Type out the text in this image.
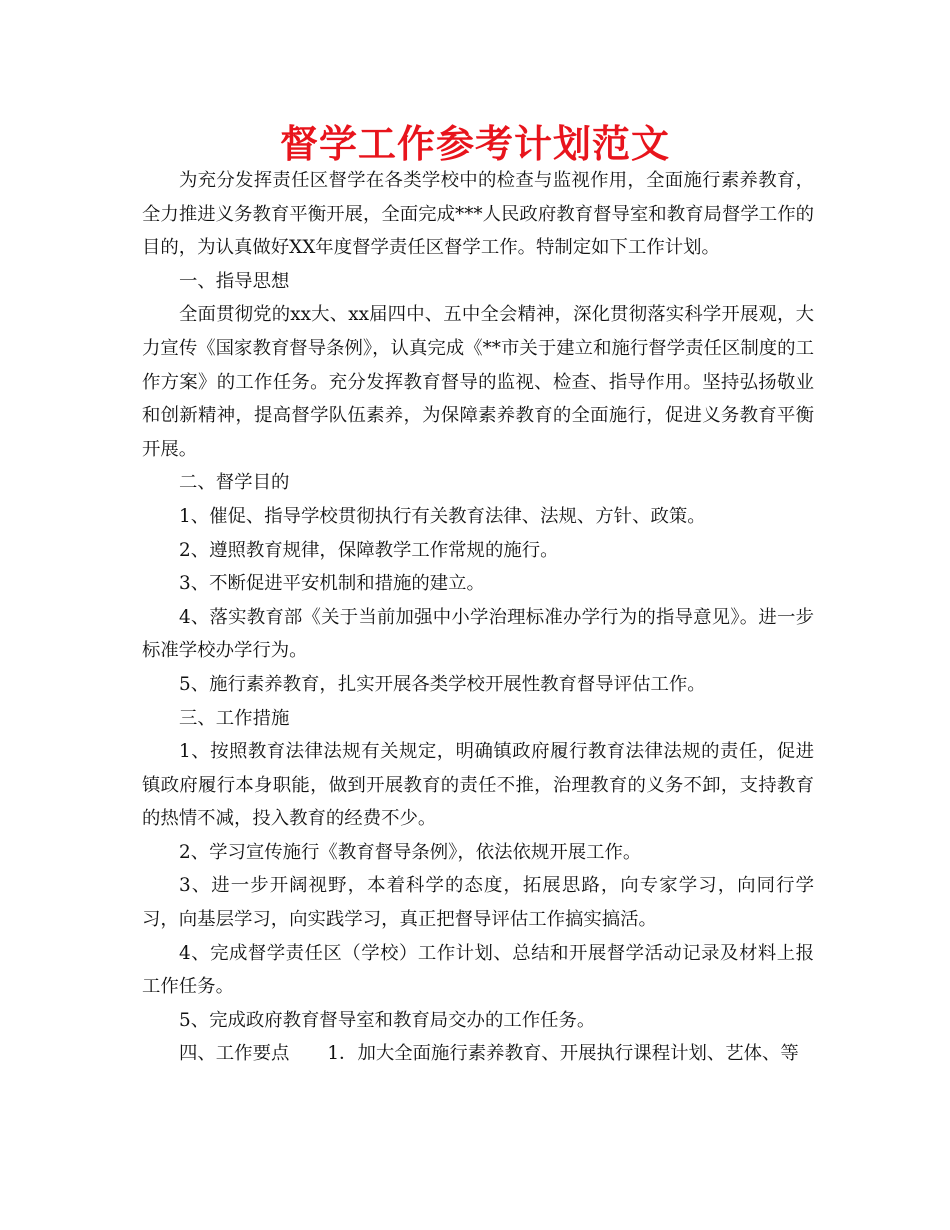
督学工作参考计划范文

为充分发挥责任区督学在各类学校中的检查与监视作用，全面施行素养教育，全力推进义务教育平衡开展，全面完成***人民政府教育督导室和教育局督学工作的目的，为认真做好XX年度督学责任区督学工作。特制定如下工作计划。

一、指导思想

全面贯彻党的xx大、xx届四中、五中全会精神，深化贯彻落实科学开展观，大力宣传《国家教育督导条例》，认真完成《**市关于建立和施行督学责任区制度的工作方案》的工作任务。充分发挥教育督导的监视、检查、指导作用。坚持弘扬敬业和创新精神，提高督学队伍素养，为保障素养教育的全面施行，促进义务教育平衡开展。

二、督学目的

1、催促、指导学校贯彻执行有关教育法律、法规、方针、政策。

2、遵照教育规律，保障教学工作常规的施行。

3、不断促进平安机制和措施的建立。

4、落实教育部《关于当前加强中小学治理标准办学行为的指导意见》。进一步标准学校办学行为。

5、施行素养教育，扎实开展各类学校开展性教育督导评估工作。

三、工作措施

1、按照教育法律法规有关规定，明确镇政府履行教育法律法规的责任，促进镇政府履行本身职能，做到开展教育的责任不推，治理教育的义务不卸，支持教育的热情不减，投入教育的经费不少。

2、学习宣传施行《教育督导条例》，依法依规开展工作。

3、进一步开阔视野，本着科学的态度，拓展思路，向专家学习，向同行学习，向基层学习，向实践学习，真正把督导评估工作搞实搞活。

4、完成督学责任区（学校）工作计划、总结和开展督学活动记录及材料上报工作任务。

5、完成政府教育督导室和教育局交办的工作任务。

四、工作要点 1．加大全面施行素养教育、开展执行课程计划、艺体、等
